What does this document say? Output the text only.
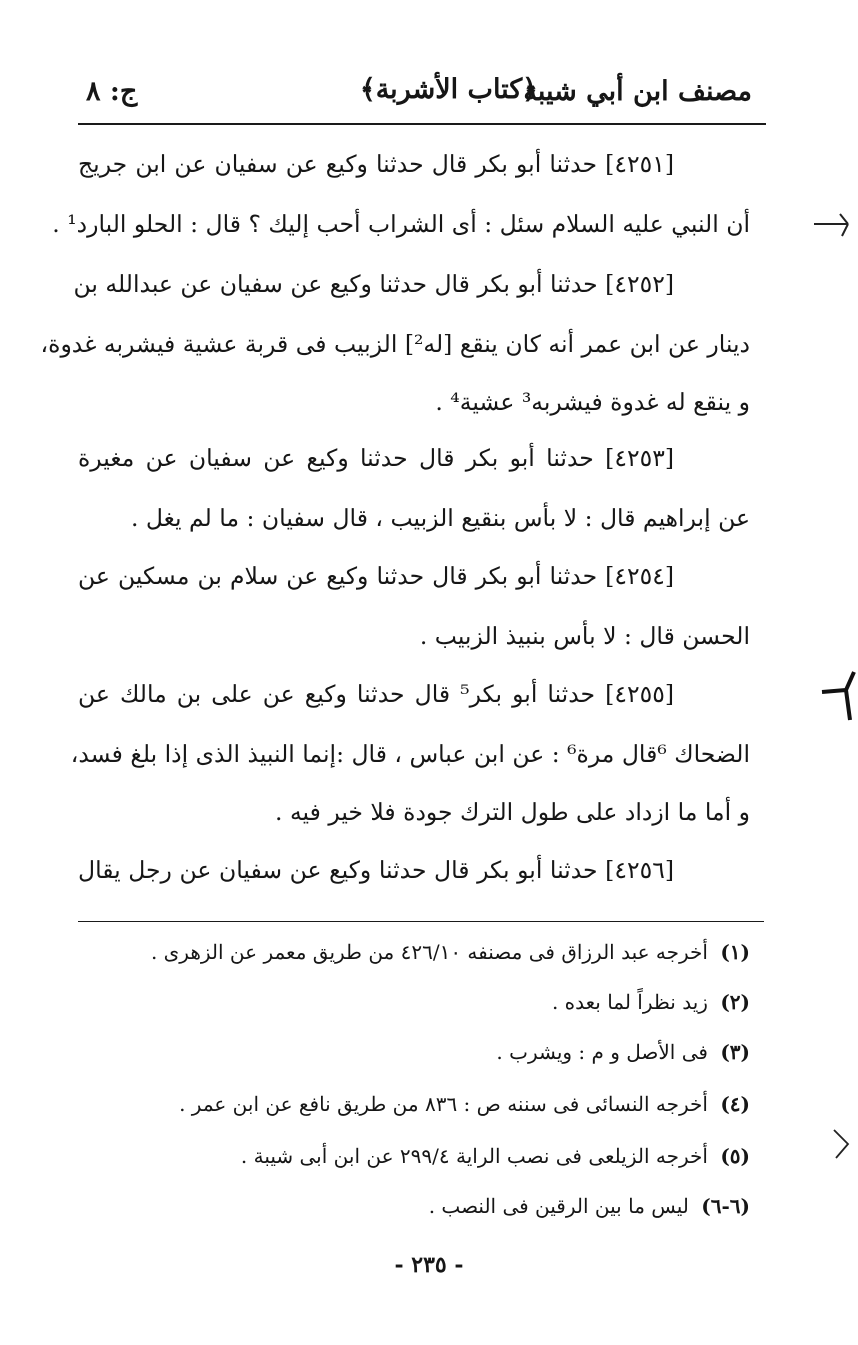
مصنف ابن أبي شيبة
﴿كتاب الأشربة﴾
ج: ٨
[٤٢٥١] حدثنا أبو بكر قال حدثنا وكيع عن سفيان عن ابن جريج
أن النبي عليه السلام سئل : أى الشراب أحب إليك ؟ قال : الحلو البارد¹ .
[٤٢٥٢] حدثنا أبو بكر قال حدثنا وكيع عن سفيان عن عبدالله بن
دينار عن ابن عمر أنه كان ينقع [له²] الزبيب فى قربة عشية فيشربه غدوة،
و ينقع له غدوة فيشربه³ عشية⁴ .
[٤٢٥٣] حدثنا أبو بكر قال حدثنا وكيع عن سفيان عن مغيرة
عن إبراهيم قال : لا بأس بنقيع الزبيب ، قال سفيان : ما لم يغل .
[٤٢٥٤] حدثنا أبو بكر قال حدثنا وكيع عن سلام بن مسكين عن
الحسن قال : لا بأس بنبيذ الزبيب .
[٤٢٥٥] حدثنا أبو بكر⁵ قال حدثنا وكيع عن على بن مالك عن
الضحاك ⁶قال مرة⁶ : عن ابن عباس ، قال :إنما النبيذ الذى إذا بلغ فسد،
و أما ما ازداد على طول الترك جودة فلا خير فيه .
[٤٢٥٦] حدثنا أبو بكر قال حدثنا وكيع عن سفيان عن رجل يقال
(١) أخرجه عبد الرزاق فى مصنفه ٤٢٦/١٠ من طريق معمر عن الزهرى .
(٢) زيد نظراً لما بعده .
(٣) فى الأصل و م : ويشرب .
(٤) أخرجه النسائى فى سننه ص : ٨٣٦ من طريق نافع عن ابن عمر .
(٥) أخرجه الزيلعى فى نصب الراية ٢٩٩/٤ عن ابن أبى شيبة .
(٦-٦) ليس ما بين الرقين فى النصب .
- ٢٣٥ -
